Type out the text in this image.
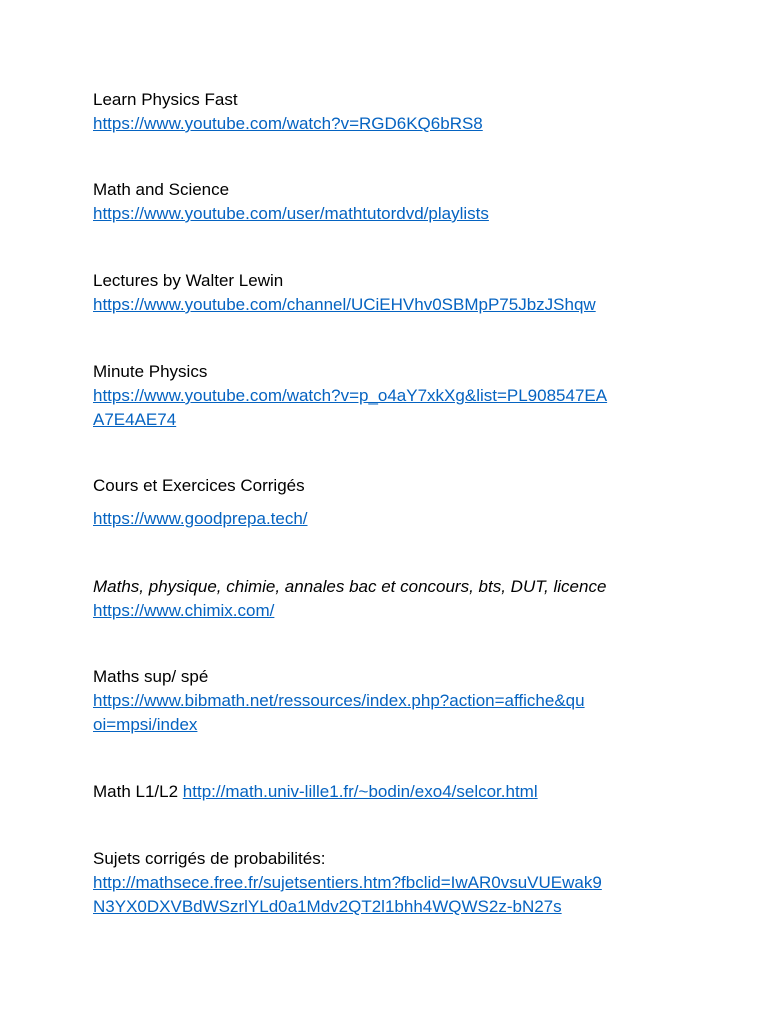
Learn Physics Fast
https://www.youtube.com/watch?v=RGD6KQ6bRS8
Math and Science
https://www.youtube.com/user/mathtutordvd/playlists
Lectures by Walter Lewin
https://www.youtube.com/channel/UCiEHVhv0SBMpP75JbzJShqw
Minute Physics
https://www.youtube.com/watch?v=p_o4aY7xkXg&list=PL908547EA
A7E4AE74
Cours et Exercices Corrigés
https://www.goodprepa.tech/
Maths, physique, chimie, annales bac et concours, bts, DUT, licence
https://www.chimix.com/
Maths sup/ spé
https://www.bibmath.net/ressources/index.php?action=affiche&qu
oi=mpsi/index
Math L1/L2 http://math.univ-lille1.fr/~bodin/exo4/selcor.html
Sujets corrigés de probabilités:
http://mathsece.free.fr/sujetsentiers.htm?fbclid=IwAR0vsuVUEwak9
N3YX0DXVBdWSzrlYLd0a1Mdv2QT2l1bhh4WQWS2z-bN27s
